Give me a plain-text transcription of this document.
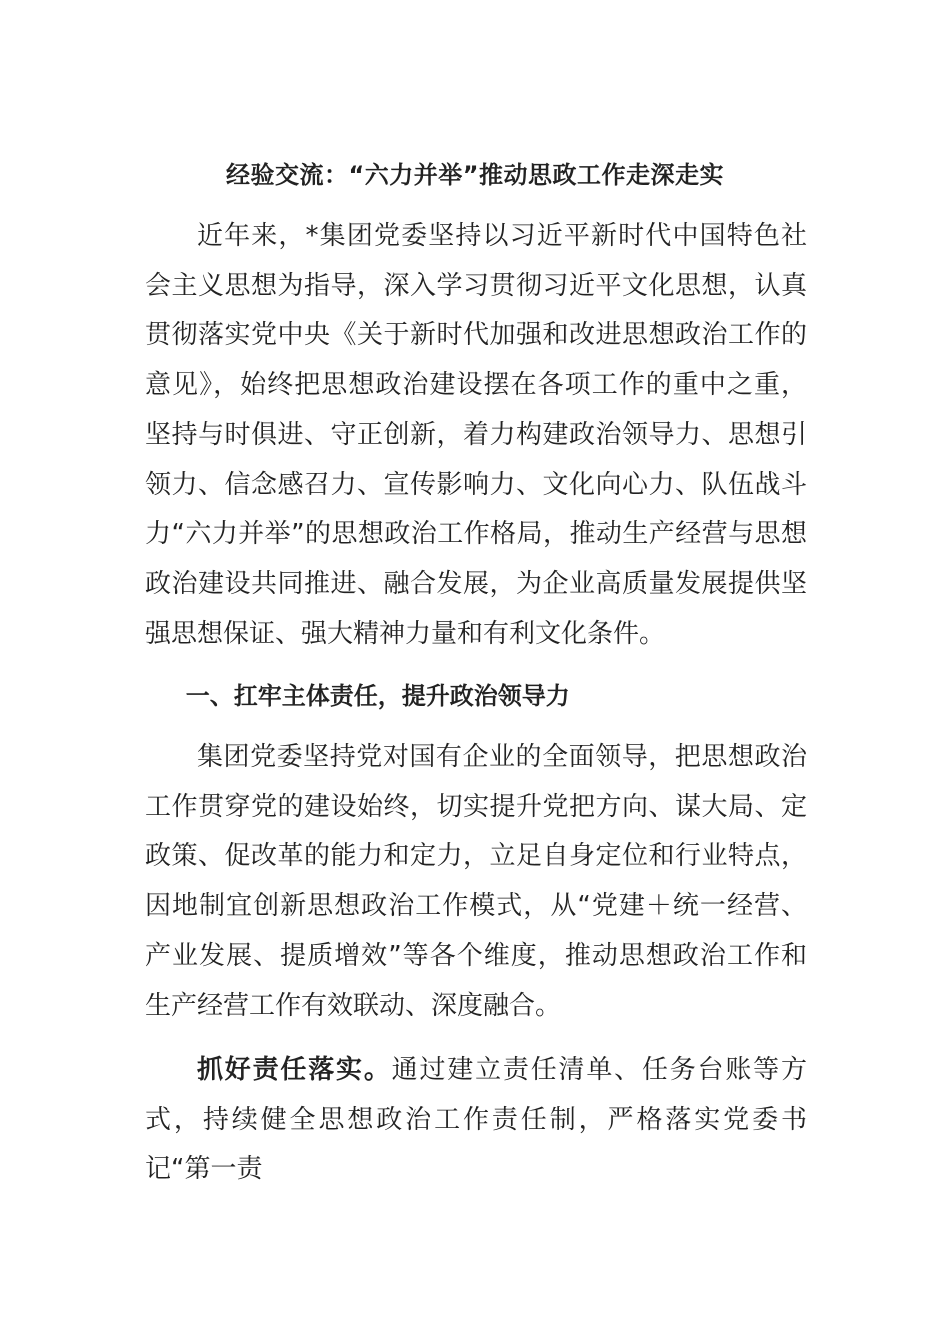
经验交流：“六力并举”推动思政工作走深走实

近年来，*集团党委坚持以习近平新时代中国特色社会主义思想为指导，深入学习贯彻习近平文化思想，认真贯彻落实党中央《关于新时代加强和改进思想政治工作的意见》，始终把思想政治建设摆在各项工作的重中之重，坚持与时俱进、守正创新，着力构建政治领导力、思想引领力、信念感召力、宣传影响力、文化向心力、队伍战斗力“六力并举”的思想政治工作格局，推动生产经营与思想政治建设共同推进、融合发展，为企业高质量发展提供坚强思想保证、强大精神力量和有利文化条件。

一、扛牢主体责任，提升政治领导力

集团党委坚持党对国有企业的全面领导，把思想政治工作贯穿党的建设始终，切实提升党把方向、谋大局、定政策、促改革的能力和定力，立足自身定位和行业特点，因地制宜创新思想政治工作模式，从“党建＋统一经营、产业发展、提质增效”等各个维度，推动思想政治工作和生产经营工作有效联动、深度融合。

抓好责任落实。通过建立责任清单、任务台账等方式，持续健全思想政治工作责任制，严格落实党委书记“第一责
